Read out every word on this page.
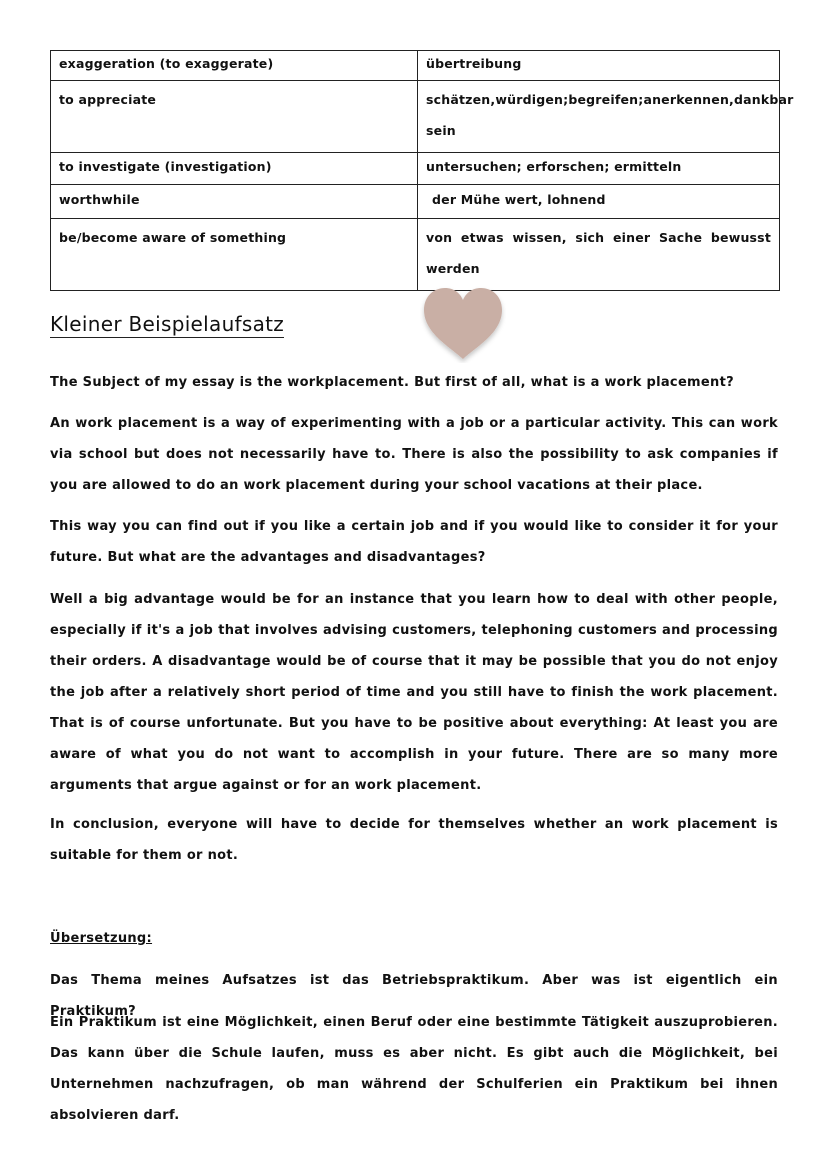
exaggeration (to exaggerate)	übertreibung
to appreciate	schätzen,würdigen;begreifen;anerkennen,dankbar sein
to investigate (investigation)	untersuchen; erforschen; ermitteln
worthwhile	der Mühe wert, lohnend
be/become aware of something	von etwas wissen, sich einer Sache bewusst werden
Kleiner Beispielaufsatz

The Subject of my essay is the workplacement. But first of all, what is a work placement?

An work placement is a way of experimenting with a job or a particular activity. This can work via school but does not necessarily have to. There is also the possibility to ask companies if you are allowed to do an work placement during your school vacations at their place.

This way you can find out if you like a certain job and if you would like to consider it for your future. But what are the advantages and disadvantages?

Well a big advantage would be for an instance that you learn how to deal with other people, especially if it's a job that involves advising customers, telephoning customers and processing their orders. A disadvantage would be of course that it may be possible that you do not enjoy the job after a relatively short period of time and you still have to finish the work placement. That is of course unfortunate. But you have to be positive about everything: At least you are aware of what you do not want to accomplish in your future. There are so many more arguments that argue against or for an work placement.

In conclusion, everyone will have to decide for themselves whether an work placement is suitable for them or not.

Übersetzung:

Das Thema meines Aufsatzes ist das Betriebspraktikum. Aber was ist eigentlich ein Praktikum?

Ein Praktikum ist eine Möglichkeit, einen Beruf oder eine bestimmte Tätigkeit auszuprobieren. Das kann über die Schule laufen, muss es aber nicht. Es gibt auch die Möglichkeit, bei Unternehmen nachzufragen, ob man während der Schulferien ein Praktikum bei ihnen absolvieren darf.
